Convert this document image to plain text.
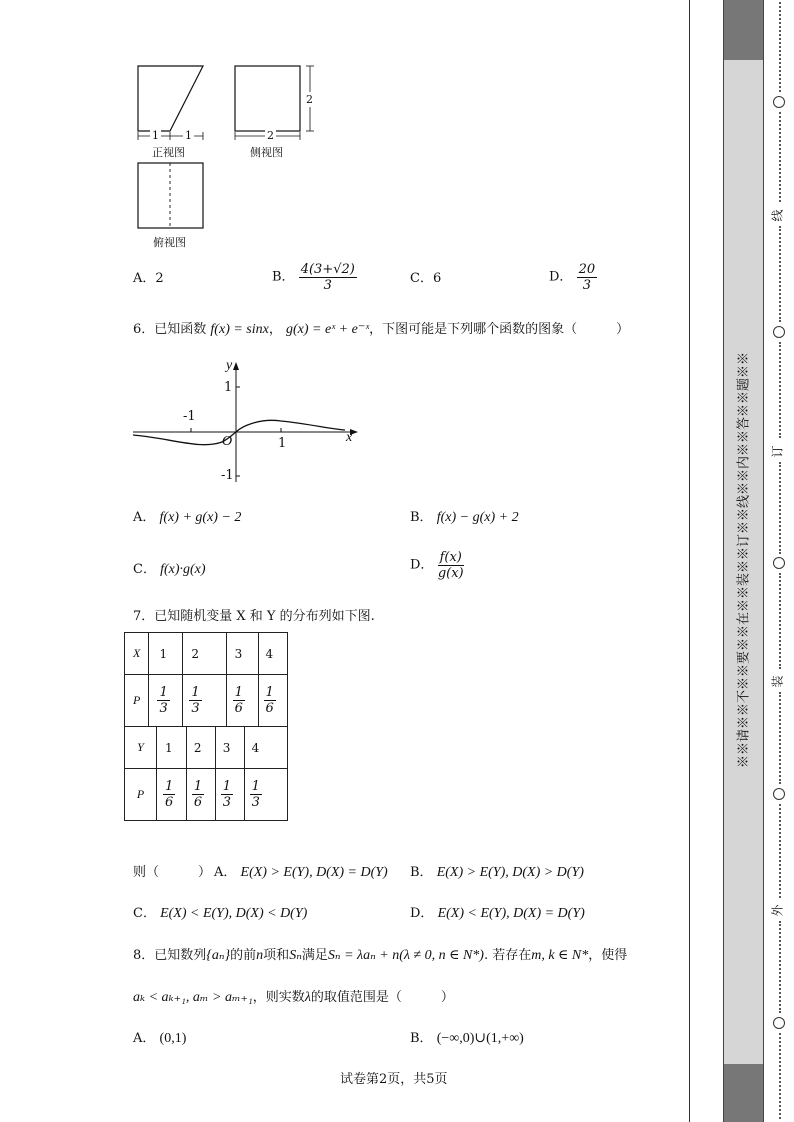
1 1	2
2
正视图	侧视图
俯视图
A．2	B． $\frac{4(3+√2)}{3}$	C．6	D． $\frac{20}{3}$
6．已知函数 f(x) = sinx， g(x) = eˣ + e⁻ˣ，下图可能是下列哪个函数的图象（　　　）
y
x
O
1
-1
1
-1
A． f(x) + g(x) − 2	B． f(x) − g(x) + 2
C． f(x)·g(x)	D． $\frac{f(x)}{g(x)}$
7．已知随机变量 X 和 Y 的分布列如下图.
X	1	2	3	4
P	$\frac{1}{3}$	$\frac{1}{3}$	$\frac{1}{6}$	$\frac{1}{6}$
Y	1	2	3	4
P	$\frac{1}{6}$	$\frac{1}{6}$	$\frac{1}{3}$	$\frac{1}{3}$
则（　　　） A． E(X) > E(Y), D(X) = D(Y) B． E(X) > E(Y), D(X) > D(Y)
C． E(X) < E(Y), D(X) < D(Y)	D． E(X) < E(Y), D(X) = D(Y)
8．已知数列{aₙ}的前n项和Sₙ满足Sₙ = λaₙ + n(λ ≠ 0, n ∈ N*). 若存在m, k ∈ N*，使得
aₖ < aₖ₊₁, aₘ > aₘ₊₁，则实数λ的取值范围是（　　　）
A． (0,1)	B． (−∞,0)∪(1,+∞)
试卷第2页，共5页
※※请※※不※※要※※在※※装※※订※※线※※内※※答※※题※※
线
订
装
外
